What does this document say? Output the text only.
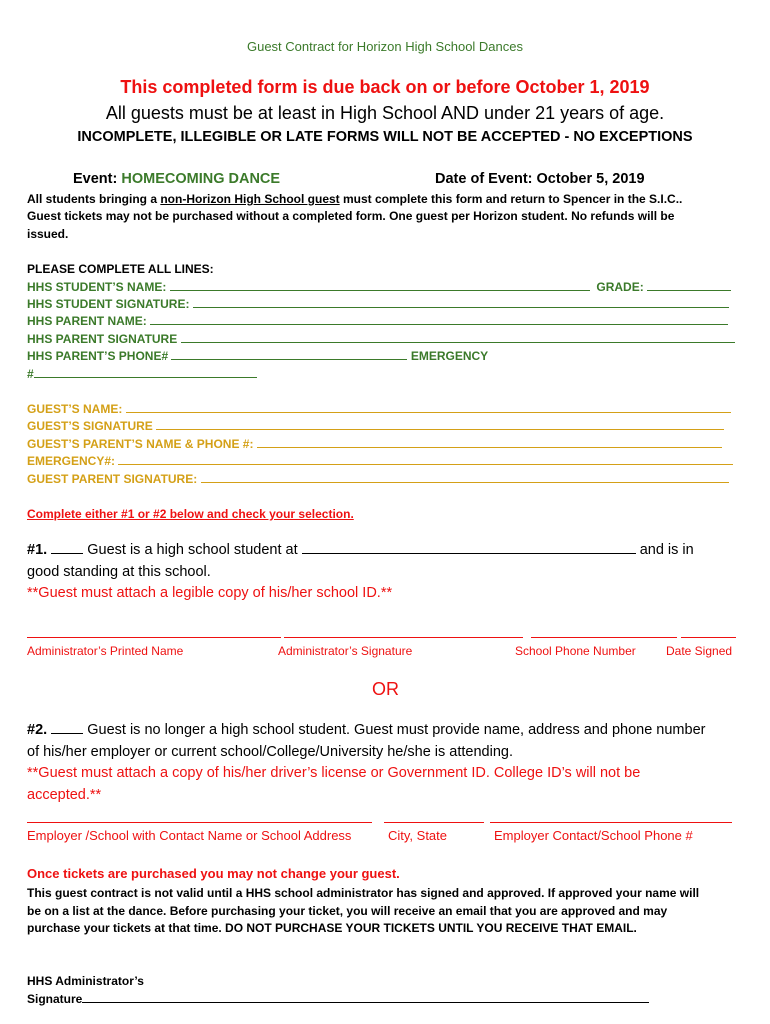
Guest Contract for Horizon High School Dances
This completed form is due back on or before October 1, 2019
All guests must be at least in High School AND under 21 years of age.
INCOMPLETE, ILLEGIBLE OR LATE FORMS WILL NOT BE ACCEPTED - NO EXCEPTIONS
Event: HOMECOMING DANCE	Date of Event: October 5, 2019
All students bringing a non-Horizon High School guest must complete this form and return to Spencer in the S.I.C..
Guest tickets may not be purchased without a completed form. One guest per Horizon student. No refunds will be
issued.
PLEASE COMPLETE ALL LINES:
HHS STUDENT’S NAME:	GRADE:
HHS STUDENT SIGNATURE:
HHS PARENT NAME:
HHS PARENT SIGNATURE
HHS PARENT’S PHONE#	EMERGENCY
#
GUEST’S NAME:
GUEST’S SIGNATURE
GUEST’S PARENT’S NAME & PHONE #:
EMERGENCY#:
GUEST PARENT SIGNATURE:
Complete either #1 or #2 below and check your selection.
#1.	Guest is a high school student at	and is in
good standing at this school.
**Guest must attach a legible copy of his/her school ID.**
Administrator’s Printed Name	Administrator’s Signature	School Phone Number	Date Signed
OR
#2.	Guest is no longer a high school student. Guest must provide name, address and phone number
of his/her employer or current school/College/University he/she is attending.
**Guest must attach a copy of his/her driver’s license or Government ID. College ID’s will not be
accepted.**
Employer /School with Contact Name or School Address	City, State	Employer Contact/School Phone #
Once tickets are purchased you may not change your guest.
This guest contract is not valid until a HHS school administrator has signed and approved. If approved your name will
be on a list at the dance. Before purchasing your ticket, you will receive an email that you are approved and may
purchase your tickets at that time. DO NOT PURCHASE YOUR TICKETS UNTIL YOU RECEIVE THAT EMAIL.
HHS Administrator’s
Signature
